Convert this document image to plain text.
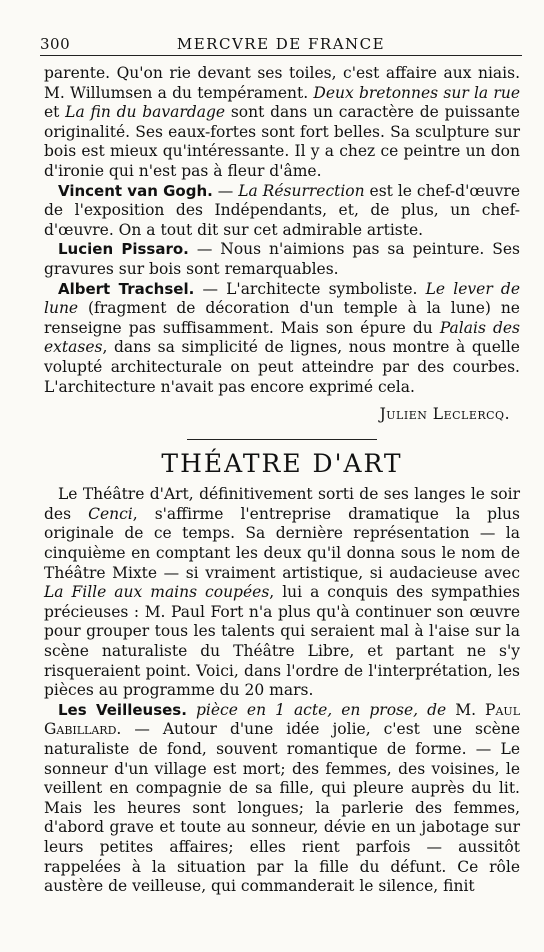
300	MERCVRE DE FRANCE

parente. Qu'on rie devant ses toiles, c'est affaire aux niais. M. Willumsen a du tempérament. Deux bretonnes sur la rue et La fin du bavardage sont dans un caractère de puissante originalité. Ses eaux-fortes sont fort belles. Sa sculpture sur bois est mieux qu'intéressante. Il y a chez ce peintre un don d'ironie qui n'est pas à fleur d'âme.

Vincent van Gogh. — La Résurrection est le chef-d'œuvre de l'exposition des Indépendants, et, de plus, un chef-d'œuvre. On a tout dit sur cet admirable artiste.

Lucien Pissaro. — Nous n'aimions pas sa peinture. Ses gravures sur bois sont remarquables.

Albert Trachsel. — L'architecte symboliste. Le lever de lune (fragment de décoration d'un temple à la lune) ne renseigne pas suffisamment. Mais son épure du Palais des extases, dans sa simplicité de lignes, nous montre à quelle volupté architecturale on peut atteindre par des courbes. L'architecture n'avait pas encore exprimé cela.

Julien Leclercq.

THÉATRE D'ART

Le Théâtre d'Art, définitivement sorti de ses langes le soir des Cenci, s'affirme l'entreprise dramatique la plus originale de ce temps. Sa dernière représentation — la cinquième en comptant les deux qu'il donna sous le nom de Théâtre Mixte — si vraiment artistique, si audacieuse avec La Fille aux mains coupées, lui a conquis des sympathies précieuses : M. Paul Fort n'a plus qu'à continuer son œuvre pour grouper tous les talents qui seraient mal à l'aise sur la scène naturaliste du Théâtre Libre, et partant ne s'y risqueraient point. Voici, dans l'ordre de l'interprétation, les pièces au programme du 20 mars.

Les Veilleuses. pièce en 1 acte, en prose, de M. Paul Gabillard. — Autour d'une idée jolie, c'est une scène naturaliste de fond, souvent romantique de forme. — Le sonneur d'un village est mort; des femmes, des voisines, le veillent en compagnie de sa fille, qui pleure auprès du lit. Mais les heures sont longues; la parlerie des femmes, d'abord grave et toute au sonneur, dévie en un jabotage sur leurs petites affaires; elles rient parfois — aussitôt rappelées à la situation par la fille du défunt. Ce rôle austère de veilleuse, qui commanderait le silence, finit
